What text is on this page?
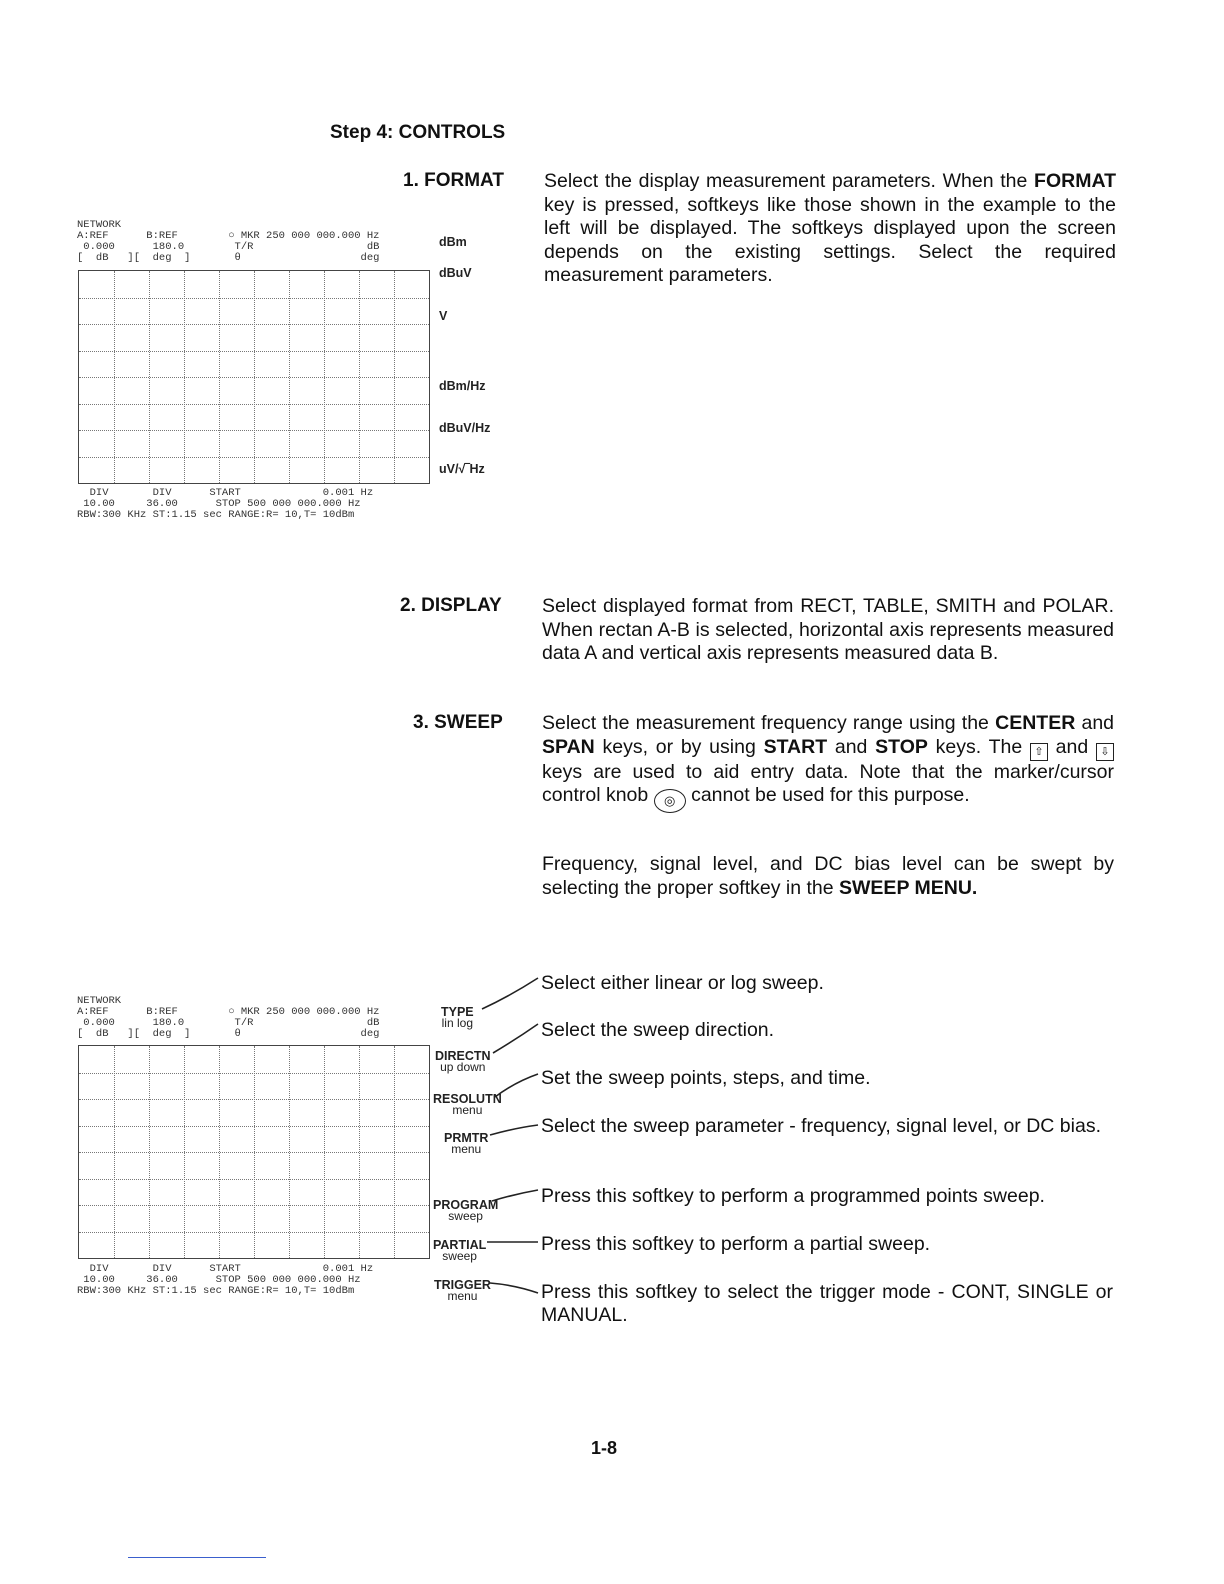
Step 4: CONTROLS
1. FORMAT Select the display measurement parameters. When the FORMAT key is pressed, softkeys like those shown in the example to the left will be displayed. The softkeys displayed upon the screen depends on the existing settings. Select the required measurement parameters.
NETWORK
A:REF      B:REF        ○ MKR 250 000 000.000 Hz
0.000      180.0        T/R                  dB
[  dB   ][  deg  ]       θ                   deg
DIV       DIV      START             0.001 Hz
10.00     36.00      STOP 500 000 000.000 Hz
RBW:300 KHz ST:1.15 sec RANGE:R= 10,T= 10dBm
dBm
dBuV
V
dBm/Hz
dBuV/Hz
uV/√‾Hz
2. DISPLAY Select displayed format from RECT, TABLE, SMITH and POLAR. When rectan A-B is selected, horizontal axis represents measured data A and vertical axis represents measured data B.
3. SWEEP Select the measurement frequency range using the CENTER and SPAN keys, or by using START and STOP keys. The ⇧ and ⇩ keys are used to aid entry data. Note that the marker/cursor control knob ◎ cannot be used for this purpose.
Frequency, signal level, and DC bias level can be swept by selecting the proper softkey in the SWEEP MENU.
NETWORK
A:REF      B:REF        ○ MKR 250 000 000.000 Hz
0.000      180.0        T/R                  dB
[  dB   ][  deg  ]       θ                   deg
DIV       DIV      START             0.001 Hz
10.00     36.00      STOP 500 000 000.000 Hz
RBW:300 KHz ST:1.15 sec RANGE:R= 10,T= 10dBm
TYPE
lin log
DIRECTN
up down
RESOLUTN
menu
PRMTR
menu
PROGRAM
sweep
PARTIAL
sweep
TRIGGER
menu
Select either linear or log sweep.
Select the sweep direction.
Set the sweep points, steps, and time.
Select the sweep parameter - frequency, signal level, or DC bias.
Press this softkey to perform a programmed points sweep.
Press this softkey to perform a partial sweep.
Press this softkey to select the trigger mode - CONT, SINGLE or MANUAL.
1-8
